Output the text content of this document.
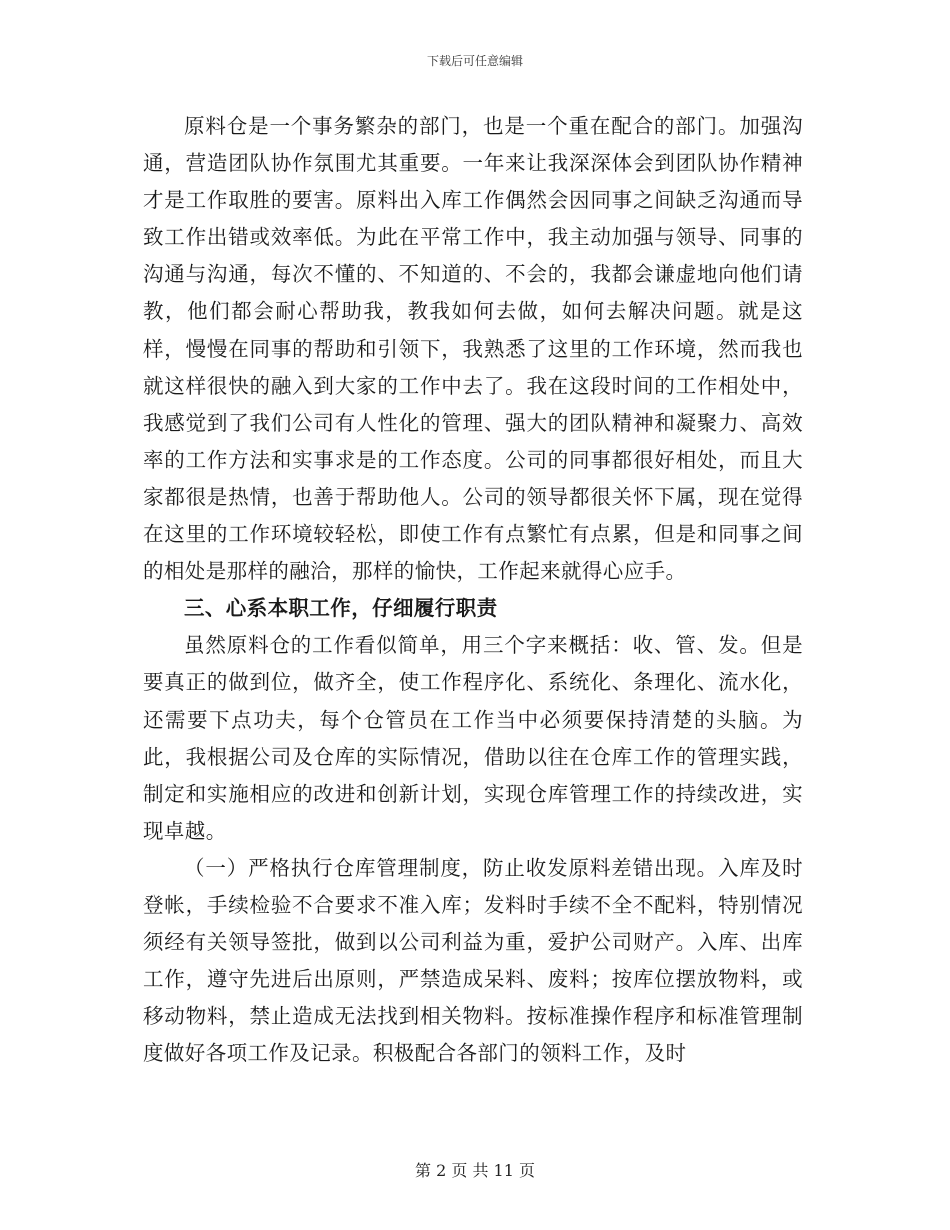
下载后可任意编辑

原料仓是一个事务繁杂的部门，也是一个重在配合的部门。加强沟通，营造团队协作氛围尤其重要。一年来让我深深体会到团队协作精神才是工作取胜的要害。原料出入库工作偶然会因同事之间缺乏沟通而导致工作出错或效率低。为此在平常工作中，我主动加强与领导、同事的沟通与沟通，每次不懂的、不知道的、不会的，我都会谦虚地向他们请教，他们都会耐心帮助我，教我如何去做，如何去解决问题。就是这样，慢慢在同事的帮助和引领下，我熟悉了这里的工作环境，然而我也就这样很快的融入到大家的工作中去了。我在这段时间的工作相处中，我感觉到了我们公司有人性化的管理、强大的团队精神和凝聚力、高效率的工作方法和实事求是的工作态度。公司的同事都很好相处，而且大家都很是热情，也善于帮助他人。公司的领导都很关怀下属，现在觉得在这里的工作环境较轻松，即使工作有点繁忙有点累，但是和同事之间的相处是那样的融洽，那样的愉快，工作起来就得心应手。

三、心系本职工作，仔细履行职责

虽然原料仓的工作看似简单，用三个字来概括：收、管、发。但是要真正的做到位，做齐全，使工作程序化、系统化、条理化、流水化，还需要下点功夫，每个仓管员在工作当中必须要保持清楚的头脑。为此，我根据公司及仓库的实际情况，借助以往在仓库工作的管理实践，制定和实施相应的改进和创新计划，实现仓库管理工作的持续改进，实现卓越。

（一）严格执行仓库管理制度，防止收发原料差错出现。入库及时登帐，手续检验不合要求不准入库；发料时手续不全不配料，特别情况须经有关领导签批，做到以公司利益为重，爱护公司财产。入库、出库工作，遵守先进后出原则，严禁造成呆料、废料；按库位摆放物料，或移动物料，禁止造成无法找到相关物料。按标准操作程序和标准管理制度做好各项工作及记录。积极配合各部门的领料工作，及时

第 2 页 共 11 页
